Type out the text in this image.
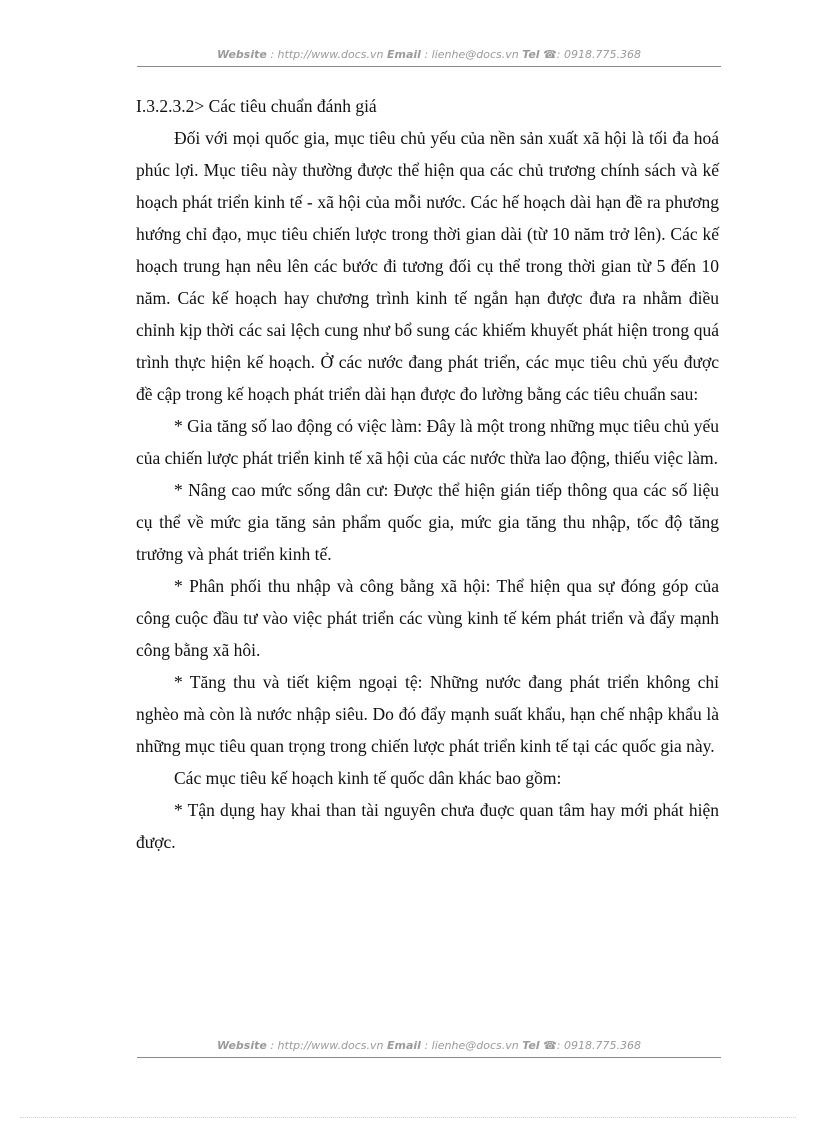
Website : http://www.docs.vn Email : lienhe@docs.vn Tel ☎: 0918.775.368
I.3.2.3.2> Các tiêu chuẩn đánh giá

Đối với mọi quốc gia, mục tiêu chủ yếu của nền sản xuất xã hội là tối đa hoá phúc lợi. Mục tiêu này thường được thể hiện qua các chủ trương chính sách và kế hoạch phát triển kinh tế - xã hội của mỗi nước. Các hế hoạch dài hạn đề ra phương hướng chỉ đạo, mục tiêu chiến lược trong thời gian dài (từ 10 năm trở lên). Các kế hoạch trung hạn nêu lên các bước đi tương đối cụ thể trong thời gian từ 5 đến 10 năm. Các kế hoạch hay chương trình kinh tế ngắn hạn được đưa ra nhằm điều chỉnh kịp thời các sai lệch cung như bổ sung các khiếm khuyết phát hiện trong quá trình thực hiện kế hoạch. Ở các nước đang phát triển, các mục tiêu chủ yếu được đề cập trong kế hoạch phát triển dài hạn được đo lường bằng các tiêu chuẩn sau:

* Gia tăng số lao động có việc làm: Đây là một trong những mục tiêu chủ yếu của chiến lược phát triển kinh tế xã hội của các nước thừa lao động, thiếu việc làm.

* Nâng cao mức sống dân cư: Được thể hiện gián tiếp thông qua các số liệu cụ thể về mức gia tăng sản phẩm quốc gia, mức gia tăng thu nhập, tốc độ tăng trưởng và phát triển kinh tế.

* Phân phối thu nhập và công bằng xã hội: Thể hiện qua sự đóng góp của công cuộc đầu tư vào việc phát triển các vùng kinh tế kém phát triển và đẩy mạnh công bằng xã hôi.

* Tăng thu và tiết kiệm ngoại tệ: Những nước đang phát triển không chỉ nghèo mà còn là nước nhập siêu. Do đó đẩy mạnh suất khẩu, hạn chế nhập khẩu là những mục tiêu quan trọng trong chiến lược phát triển kinh tế tại các quốc gia này.

Các mục tiêu kế hoạch kinh tế quốc dân khác bao gồm:

* Tận dụng hay khai than tài nguyên chưa đuợc quan tâm hay mới phát hiện được.

Website : http://www.docs.vn Email : lienhe@docs.vn Tel ☎: 0918.775.368
